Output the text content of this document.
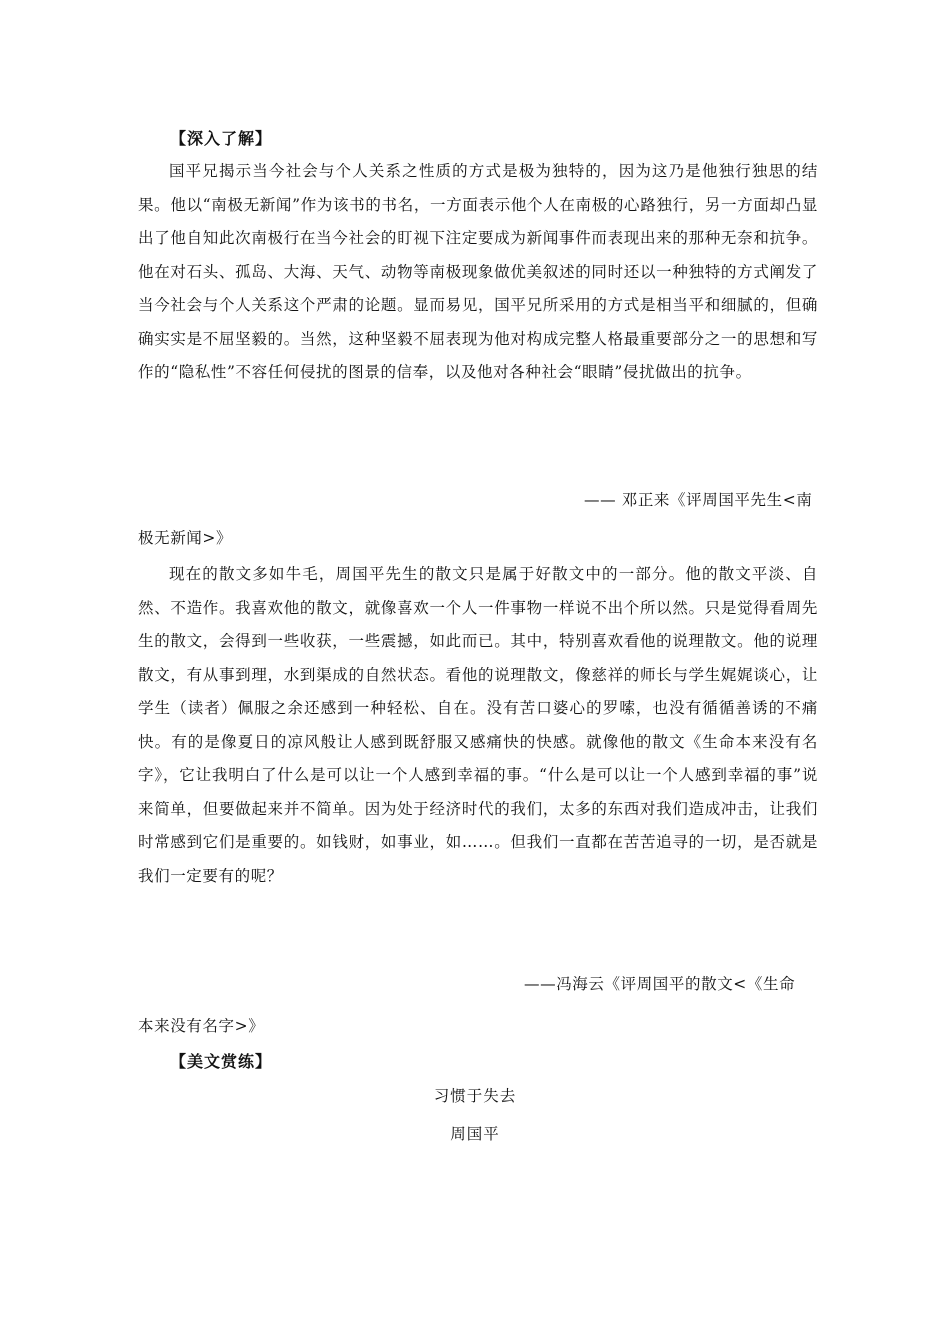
【深入了解】
国平兄揭示当今社会与个人关系之性质的方式是极为独特的，因为这乃是他独行独思的结果。他以“南极无新闻”作为该书的书名，一方面表示他个人在南极的心路独行，另一方面却凸显出了他自知此次南极行在当今社会的盯视下注定要成为新闻事件而表现出来的那种无奈和抗争。他在对石头、孤岛、大海、天气、动物等南极现象做优美叙述的同时还以一种独特的方式阐发了当今社会与个人关系这个严肃的论题。显而易见，国平兄所采用的方式是相当平和细腻的，但确确实实是不屈坚毅的。当然，这种坚毅不屈表现为他对构成完整人格最重要部分之一的思想和写作的“隐私性”不容任何侵扰的图景的信奉，以及他对各种社会“眼睛”侵扰做出的抗争。
—— 邓正来《评周国平先生<南
极无新闻>》
现在的散文多如牛毛，周国平先生的散文只是属于好散文中的一部分。他的散文平淡、自然、不造作。我喜欢他的散文，就像喜欢一个人一件事物一样说不出个所以然。只是觉得看周先生的散文，会得到一些收获，一些震撼，如此而已。其中，特别喜欢看他的说理散文。他的说理散文，有从事到理，水到渠成的自然状态。看他的说理散文，像慈祥的师长与学生娓娓谈心，让学生（读者）佩服之余还感到一种轻松、自在。没有苦口婆心的罗嗦，也没有循循善诱的不痛快。有的是像夏日的凉风般让人感到既舒服又感痛快的快感。就像他的散文《生命本来没有名字》，它让我明白了什么是可以让一个人感到幸福的事。“什么是可以让一个人感到幸福的事”说来简单，但要做起来并不简单。因为处于经济时代的我们，太多的东西对我们造成冲击，让我们时常感到它们是重要的。如钱财，如事业，如……。但我们一直都在苦苦追寻的一切，是否就是我们一定要有的呢？
——冯海云《评周国平的散文<《生命
本来没有名字>》
【美文赏练】
习惯于失去
周国平
